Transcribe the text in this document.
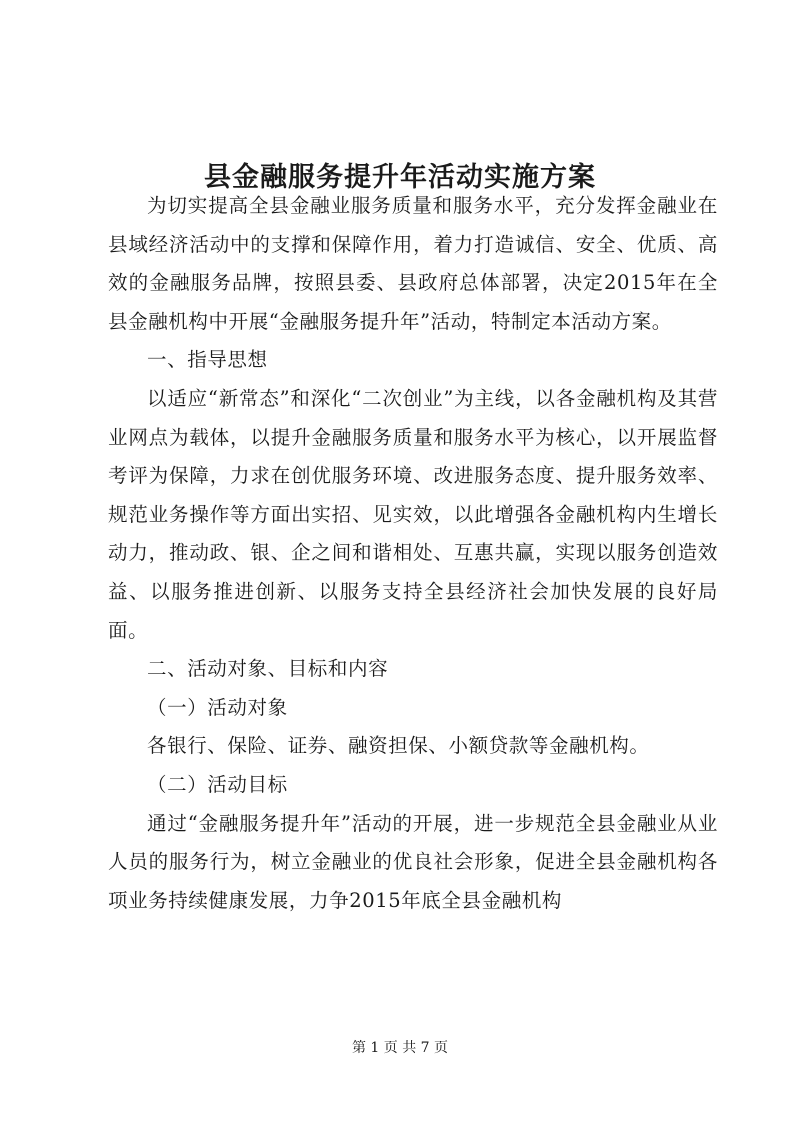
县金融服务提升年活动实施方案

为切实提高全县金融业服务质量和服务水平，充分发挥金融业在县域经济活动中的支撑和保障作用，着力打造诚信、安全、优质、高效的金融服务品牌，按照县委、县政府总体部署，决定2015年在全县金融机构中开展“金融服务提升年”活动，特制定本活动方案。

一、指导思想

以适应“新常态”和深化“二次创业”为主线，以各金融机构及其营业网点为载体，以提升金融服务质量和服务水平为核心，以开展监督考评为保障，力求在创优服务环境、改进服务态度、提升服务效率、规范业务操作等方面出实招、见实效，以此增强各金融机构内生增长动力，推动政、银、企之间和谐相处、互惠共赢，实现以服务创造效益、以服务推进创新、以服务支持全县经济社会加快发展的良好局面。

二、活动对象、目标和内容

（一）活动对象

各银行、保险、证券、融资担保、小额贷款等金融机构。

（二）活动目标

通过“金融服务提升年”活动的开展，进一步规范全县金融业从业人员的服务行为，树立金融业的优良社会形象，促进全县金融机构各项业务持续健康发展，力争2015年底全县金融机构

第 1 页 共 7 页
